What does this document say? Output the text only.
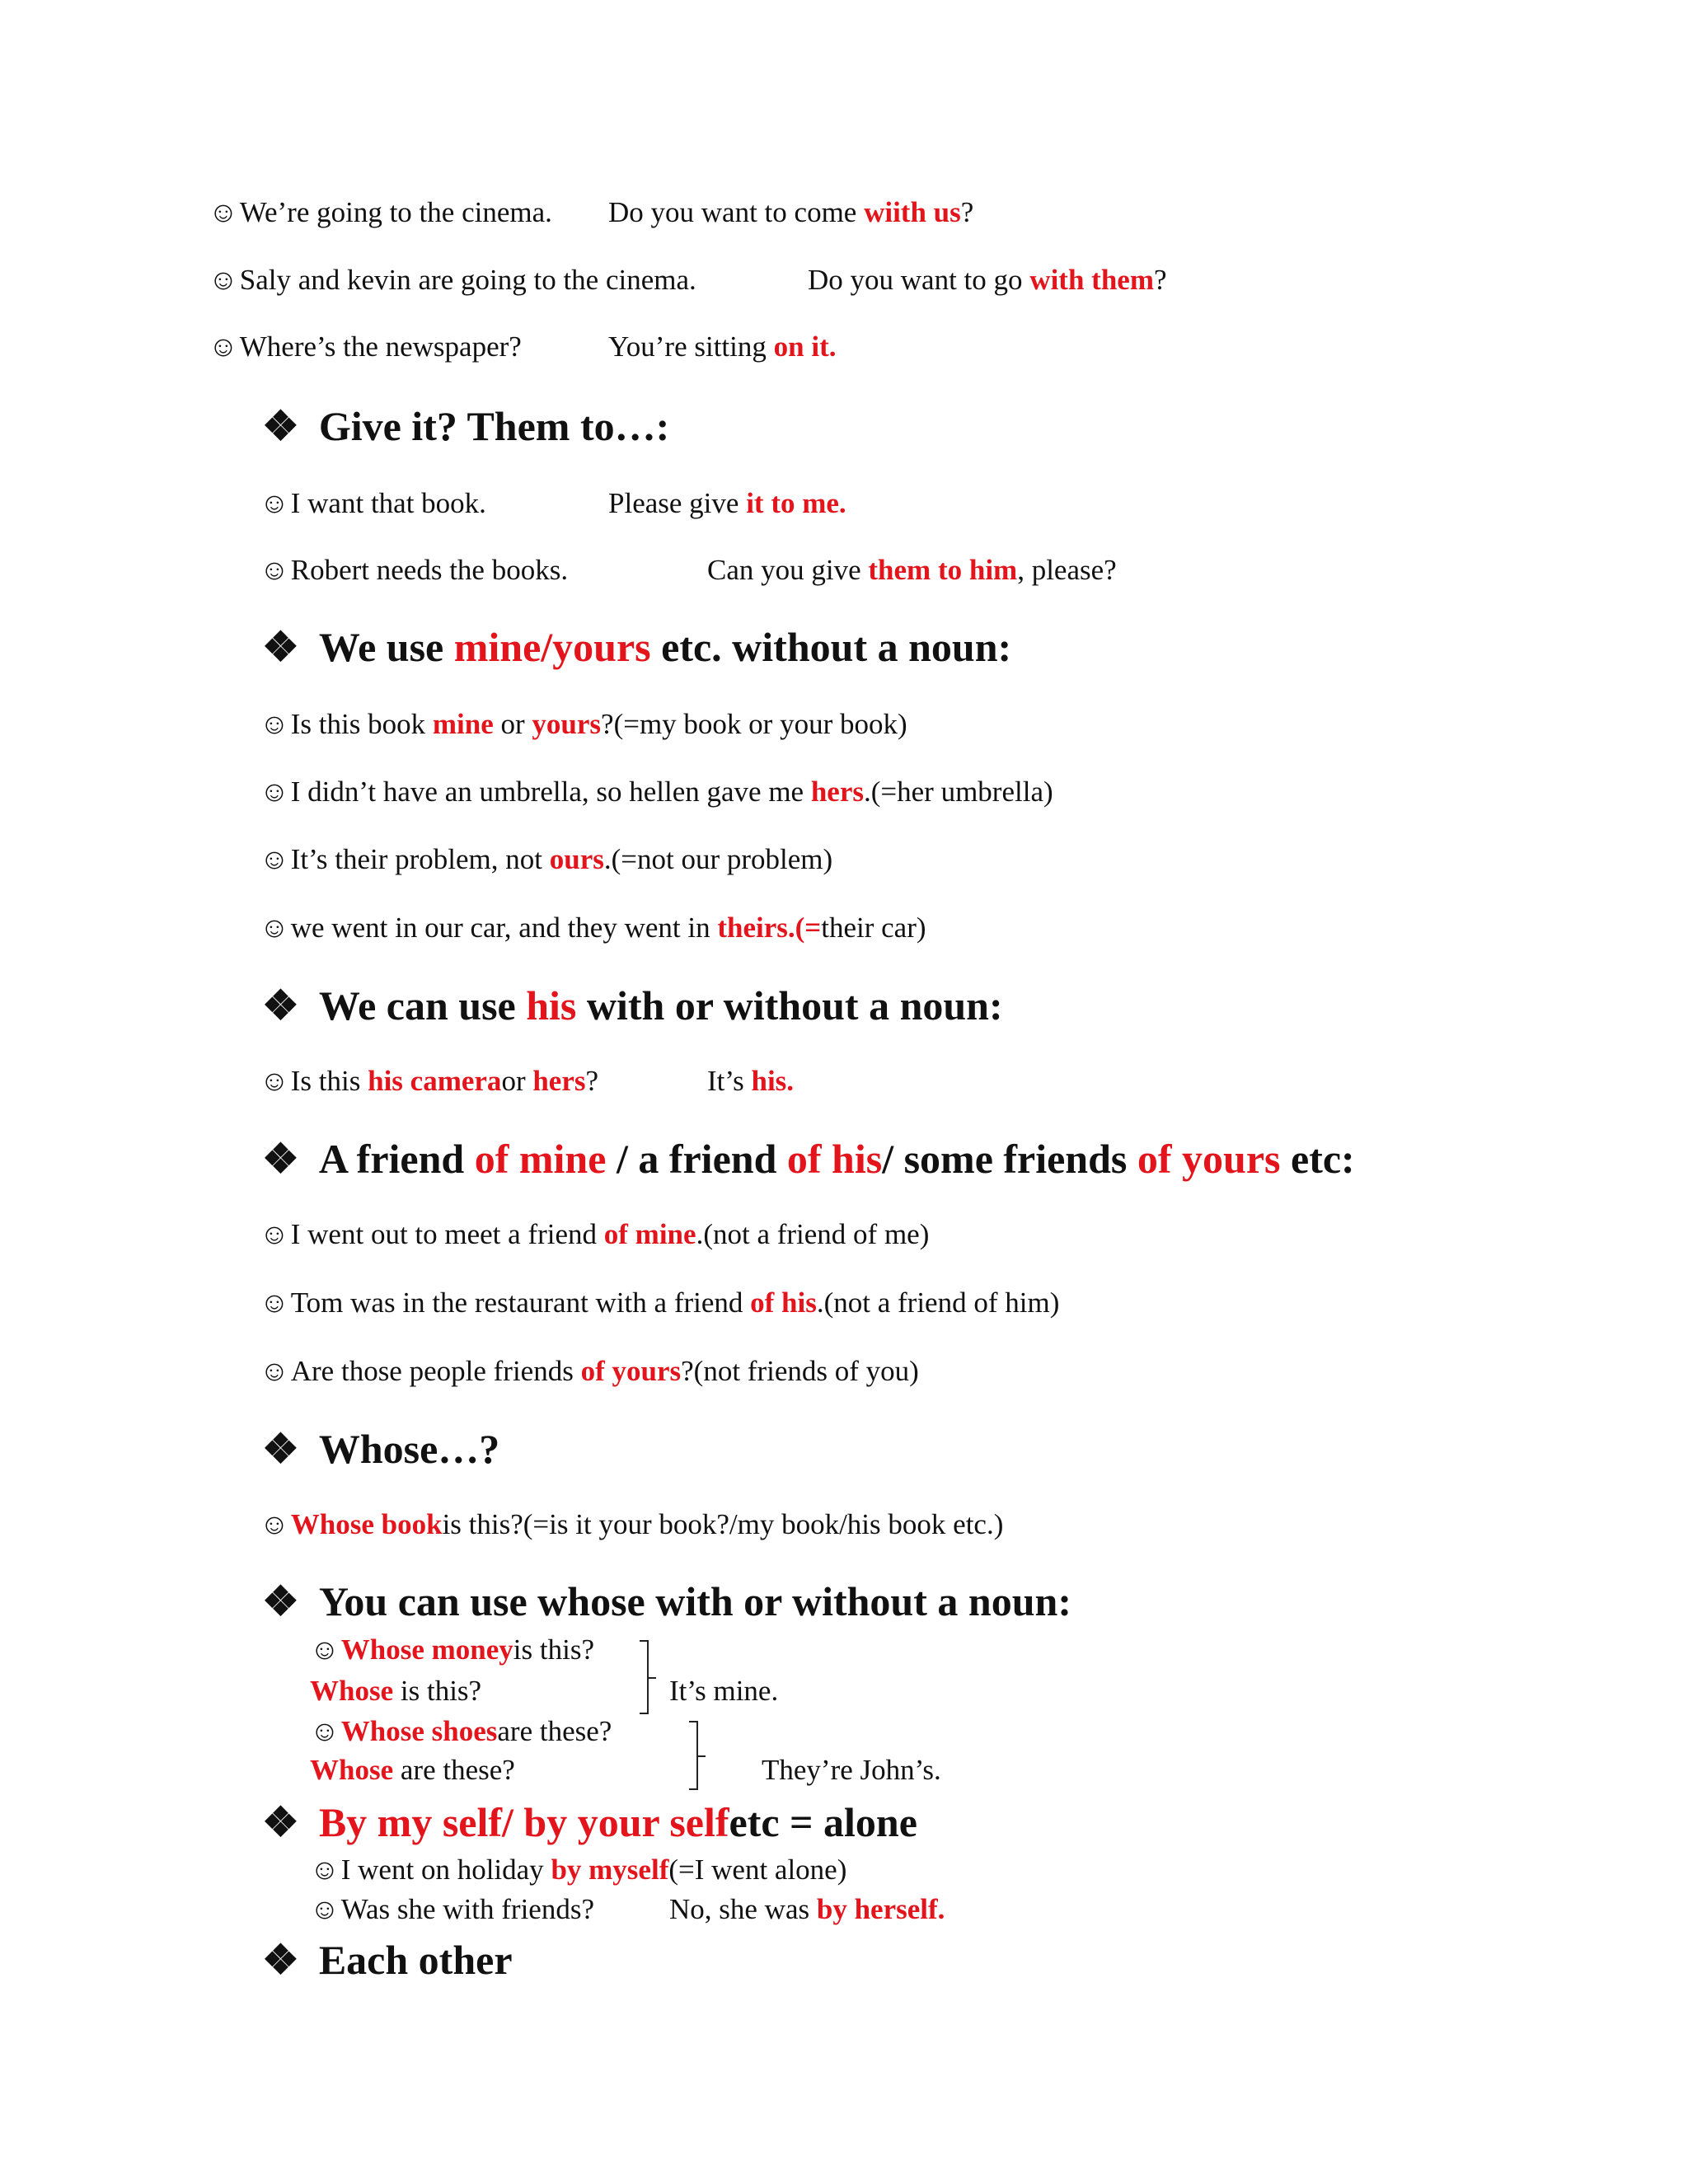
☺We’re going to the cinema. Do you want to come wiith us?
☺Saly and kevin are going to the cinema.	Do you want to go with them?
☺Where’s the newspaper?	You’re sitting on it.
❖ Give it? Them to…:
☺I want that book.	Please give it to me.
☺Robert needs the books.	Can you give them to him, please?
❖ We use mine/yours etc. without a noun:
☺Is this book mine or yours?(=my book or your book)
☺I didn’t have an umbrella, so hellen gave me hers.(=her umbrella)
☺It’s their problem, not ours.(=not our problem)
☺we went in our car, and they went in theirs.(=their car)
❖ We can use his with or without a noun:
☺Is this his cameraor hers?	It’s his.
❖ A friend of mine / a friend of his/ some friends of yours etc:
☺I went out to meet a friend of mine.(not a friend of me)
☺Tom was in the restaurant with a friend of his.(not a friend of him)
☺Are those people friends of yours?(not friends of you)
❖ Whose…?
☺Whose bookis this?(=is it your book?/my book/his book etc.)
❖ You can use whose with or without a noun:
☺Whose moneyis this?
Whose is this?	It’s mine.
☺Whose shoesare these?
Whose are these?	They’re John’s.
❖ By my self/ by your selfetc = alone
☺I went on holiday by myself(=I went alone)
☺Was she with friends?	No, she was by herself.
❖ Each other
